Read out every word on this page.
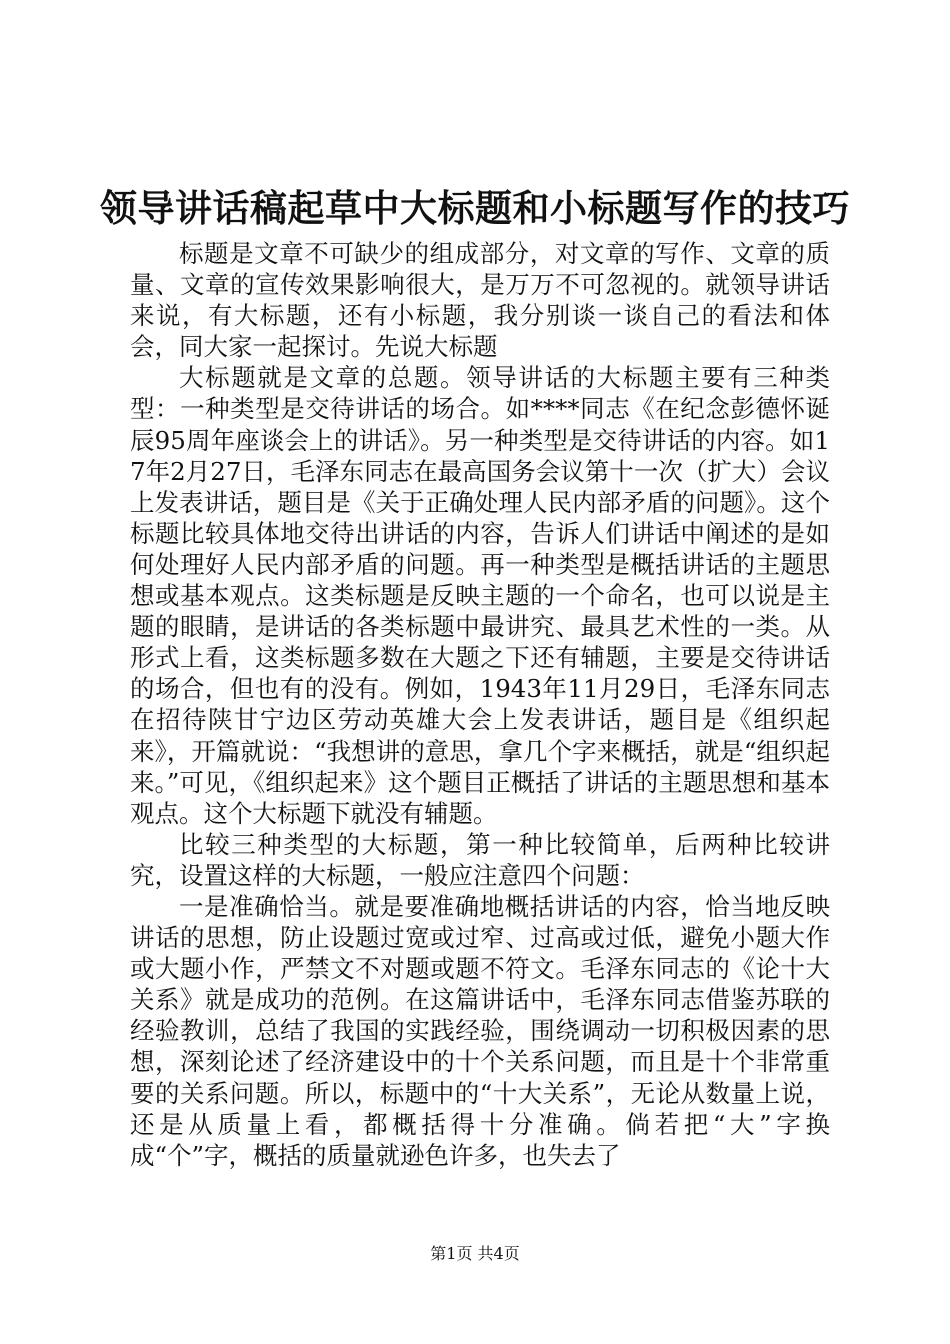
领导讲话稿起草中大标题和小标题写作的技巧

标题是文章不可缺少的组成部分，对文章的写作、文章的质量、文章的宣传效果影响很大，是万万不可忽视的。就领导讲话来说，有大标题，还有小标题，我分别谈一谈自己的看法和体会，同大家一起探讨。先说大标题

大标题就是文章的总题。领导讲话的大标题主要有三种类型：一种类型是交待讲话的场合。如****同志《在纪念彭德怀诞辰95周年座谈会上的讲话》。另一种类型是交待讲话的内容。如17年2月27日，毛泽东同志在最高国务会议第十一次（扩大）会议上发表讲话，题目是《关于正确处理人民内部矛盾的问题》。这个标题比较具体地交待出讲话的内容，告诉人们讲话中阐述的是如何处理好人民内部矛盾的问题。再一种类型是概括讲话的主题思想或基本观点。这类标题是反映主题的一个命名，也可以说是主题的眼睛，是讲话的各类标题中最讲究、最具艺术性的一类。从形式上看，这类标题多数在大题之下还有辅题，主要是交待讲话的场合，但也有的没有。例如，1943年11月29日，毛泽东同志在招待陕甘宁边区劳动英雄大会上发表讲话，题目是《组织起来》，开篇就说：“我想讲的意思，拿几个字来概括，就是“组织起来。”可见，《组织起来》这个题目正概括了讲话的主题思想和基本观点。这个大标题下就没有辅题。

比较三种类型的大标题，第一种比较简单，后两种比较讲究，设置这样的大标题，一般应注意四个问题：

一是准确恰当。就是要准确地概括讲话的内容，恰当地反映讲话的思想，防止设题过宽或过窄、过高或过低，避免小题大作或大题小作，严禁文不对题或题不符文。毛泽东同志的《论十大关系》就是成功的范例。在这篇讲话中，毛泽东同志借鉴苏联的经验教训，总结了我国的实践经验，围绕调动一切积极因素的思想，深刻论述了经济建设中的十个关系问题，而且是十个非常重要的关系问题。所以，标题中的“十大关系”，无论从数量上说，还是从质量上看，都概括得十分准确。倘若把“大”字换成“个”字，概括的质量就逊色许多，也失去了

第1页 共4页
